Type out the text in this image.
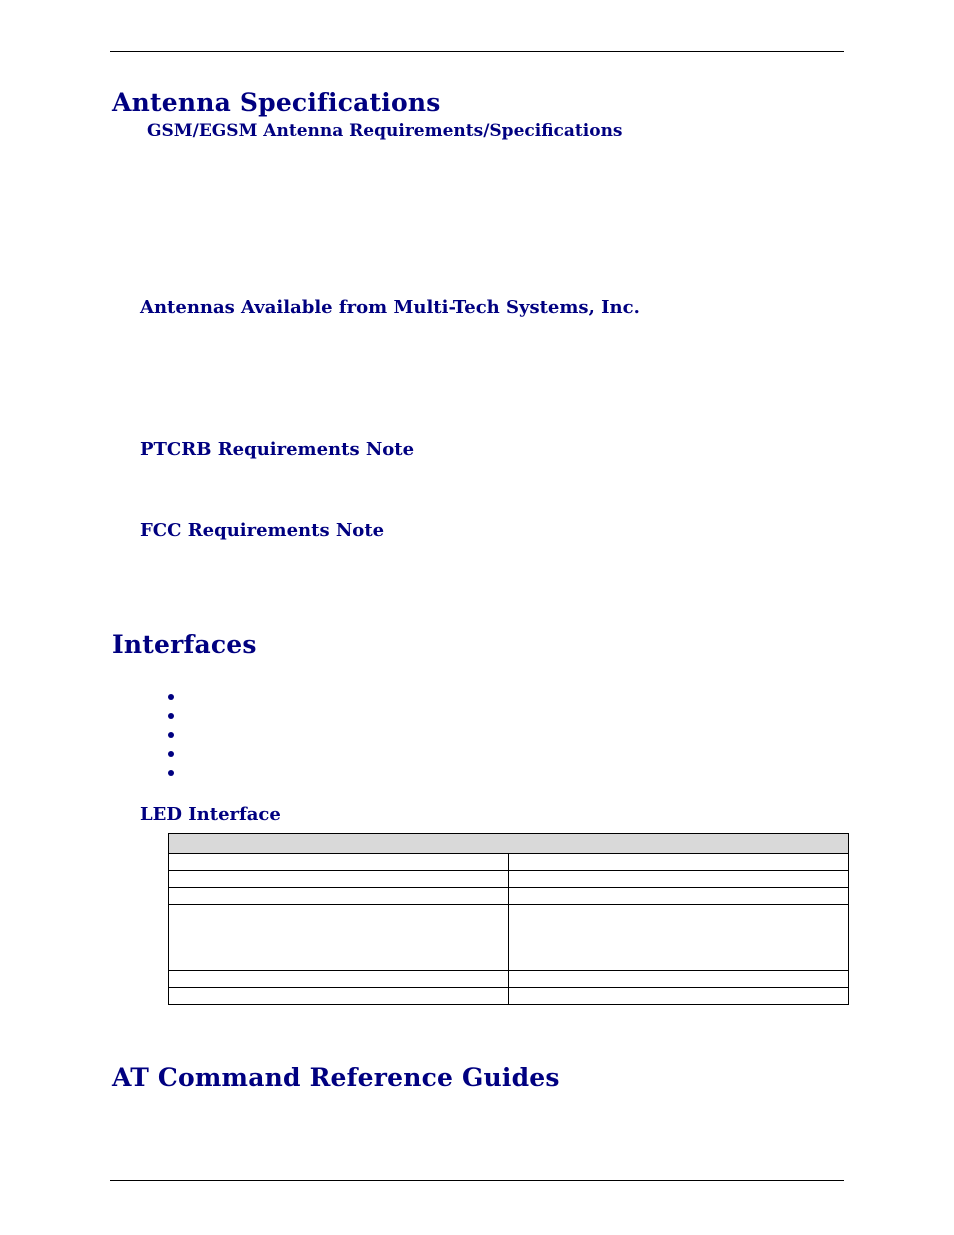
Antenna Specifications
GSM/EGSM Antenna Requirements/Specifications
Antennas Available from Multi-Tech Systems, Inc.
PTCRB Requirements Note
FCC Requirements Note
Interfaces
LED Interface

AT Command Reference Guides
